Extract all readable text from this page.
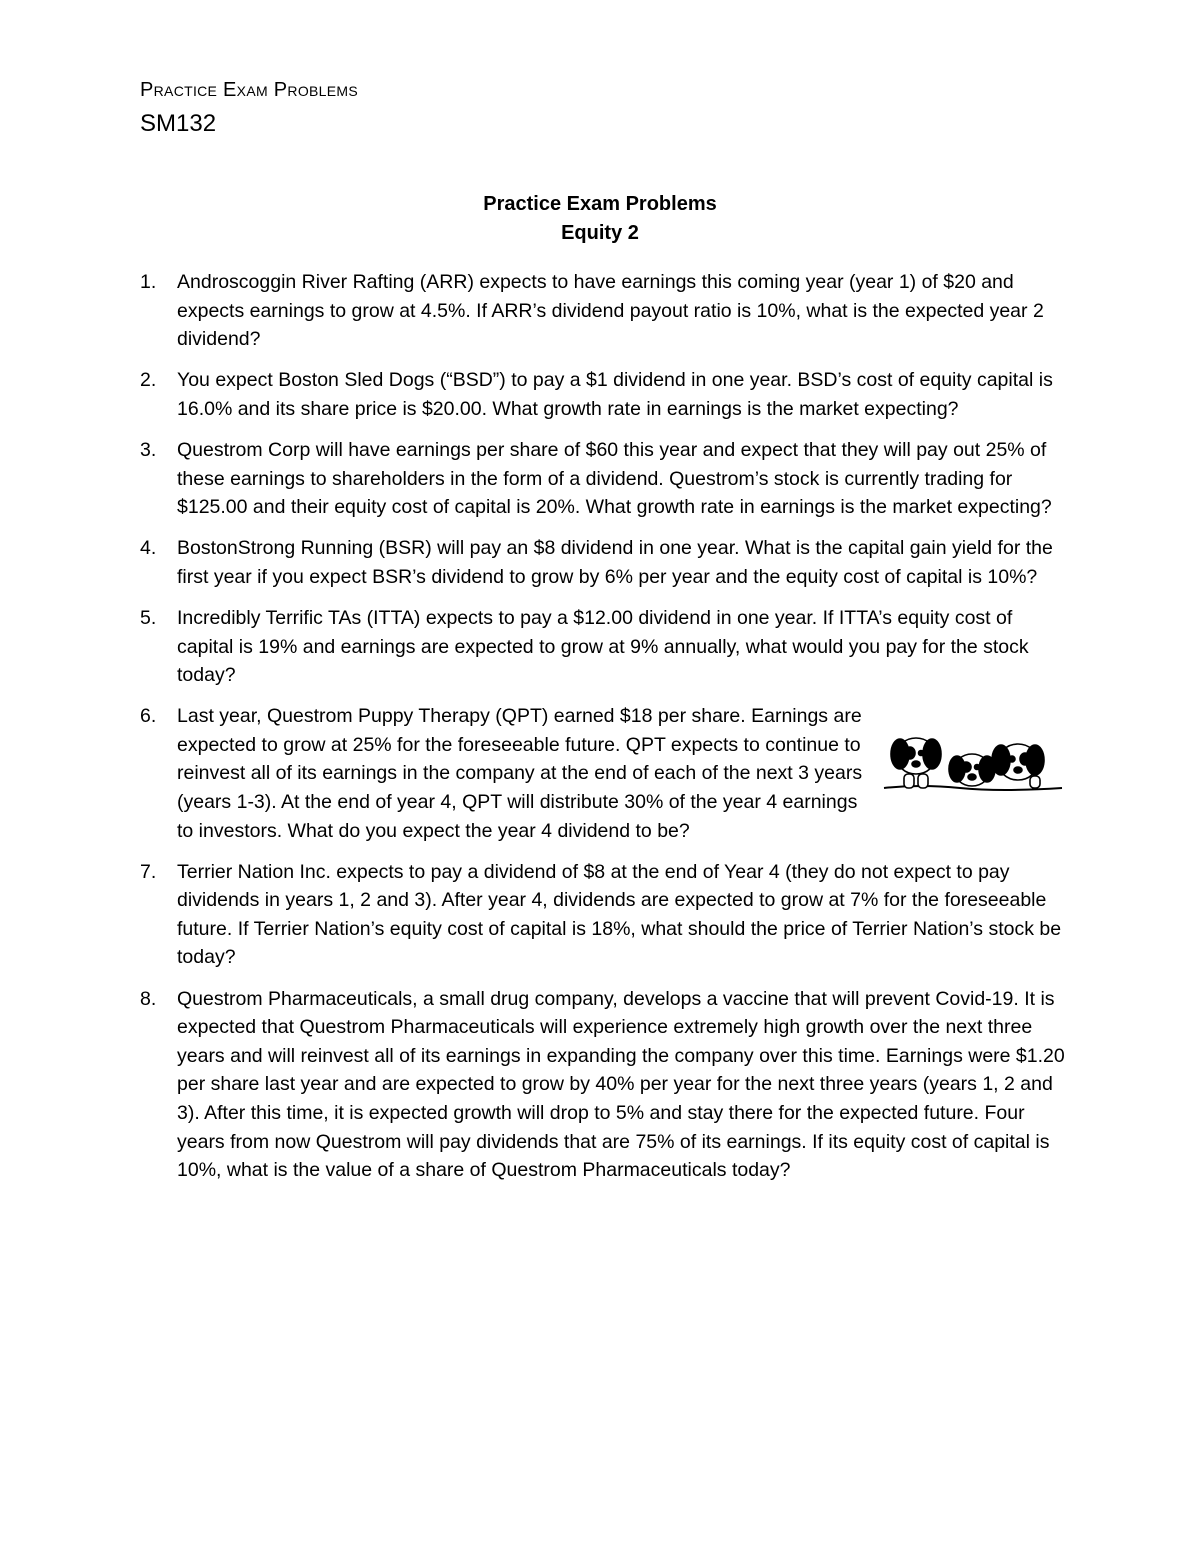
Practice Exam Problems
SM132
Practice Exam Problems
Equity 2
1. Androscoggin River Rafting (ARR) expects to have earnings this coming year (year 1) of $20 and expects earnings to grow at 4.5%. If ARR’s dividend payout ratio is 10%, what is the expected year 2 dividend?
2. You expect Boston Sled Dogs (“BSD”) to pay a $1 dividend in one year. BSD’s cost of equity capital is 16.0% and its share price is $20.00. What growth rate in earnings is the market expecting?
3. Questrom Corp will have earnings per share of $60 this year and expect that they will pay out 25% of these earnings to shareholders in the form of a dividend. Questrom’s stock is currently trading for $125.00 and their equity cost of capital is 20%. What growth rate in earnings is the market expecting?
4. BostonStrong Running (BSR) will pay an $8 dividend in one year. What is the capital gain yield for the first year if you expect BSR’s dividend to grow by 6% per year and the equity cost of capital is 10%?
5. Incredibly Terrific TAs (ITTA) expects to pay a $12.00 dividend in one year. If ITTA’s equity cost of capital is 19% and earnings are expected to grow at 9% annually, what would you pay for the stock today?
6. Last year, Questrom Puppy Therapy (QPT) earned $18 per share. Earnings are expected to grow at 25% for the foreseeable future. QPT expects to continue to reinvest all of its earnings in the company at the end of each of the next 3 years (years 1-3). At the end of year 4, QPT will distribute 30% of the year 4 earnings to investors. What do you expect the year 4 dividend to be?
7. Terrier Nation Inc. expects to pay a dividend of $8 at the end of Year 4 (they do not expect to pay dividends in years 1, 2 and 3). After year 4, dividends are expected to grow at 7% for the foreseeable future. If Terrier Nation’s equity cost of capital is 18%, what should the price of Terrier Nation’s stock be today?
8. Questrom Pharmaceuticals, a small drug company, develops a vaccine that will prevent Covid-19. It is expected that Questrom Pharmaceuticals will experience extremely high growth over the next three years and will reinvest all of its earnings in expanding the company over this time. Earnings were $1.20 per share last year and are expected to grow by 40% per year for the next three years (years 1, 2 and 3). After this time, it is expected growth will drop to 5% and stay there for the expected future. Four years from now Questrom will pay dividends that are 75% of its earnings. If its equity cost of capital is 10%, what is the value of a share of Questrom Pharmaceuticals today?
